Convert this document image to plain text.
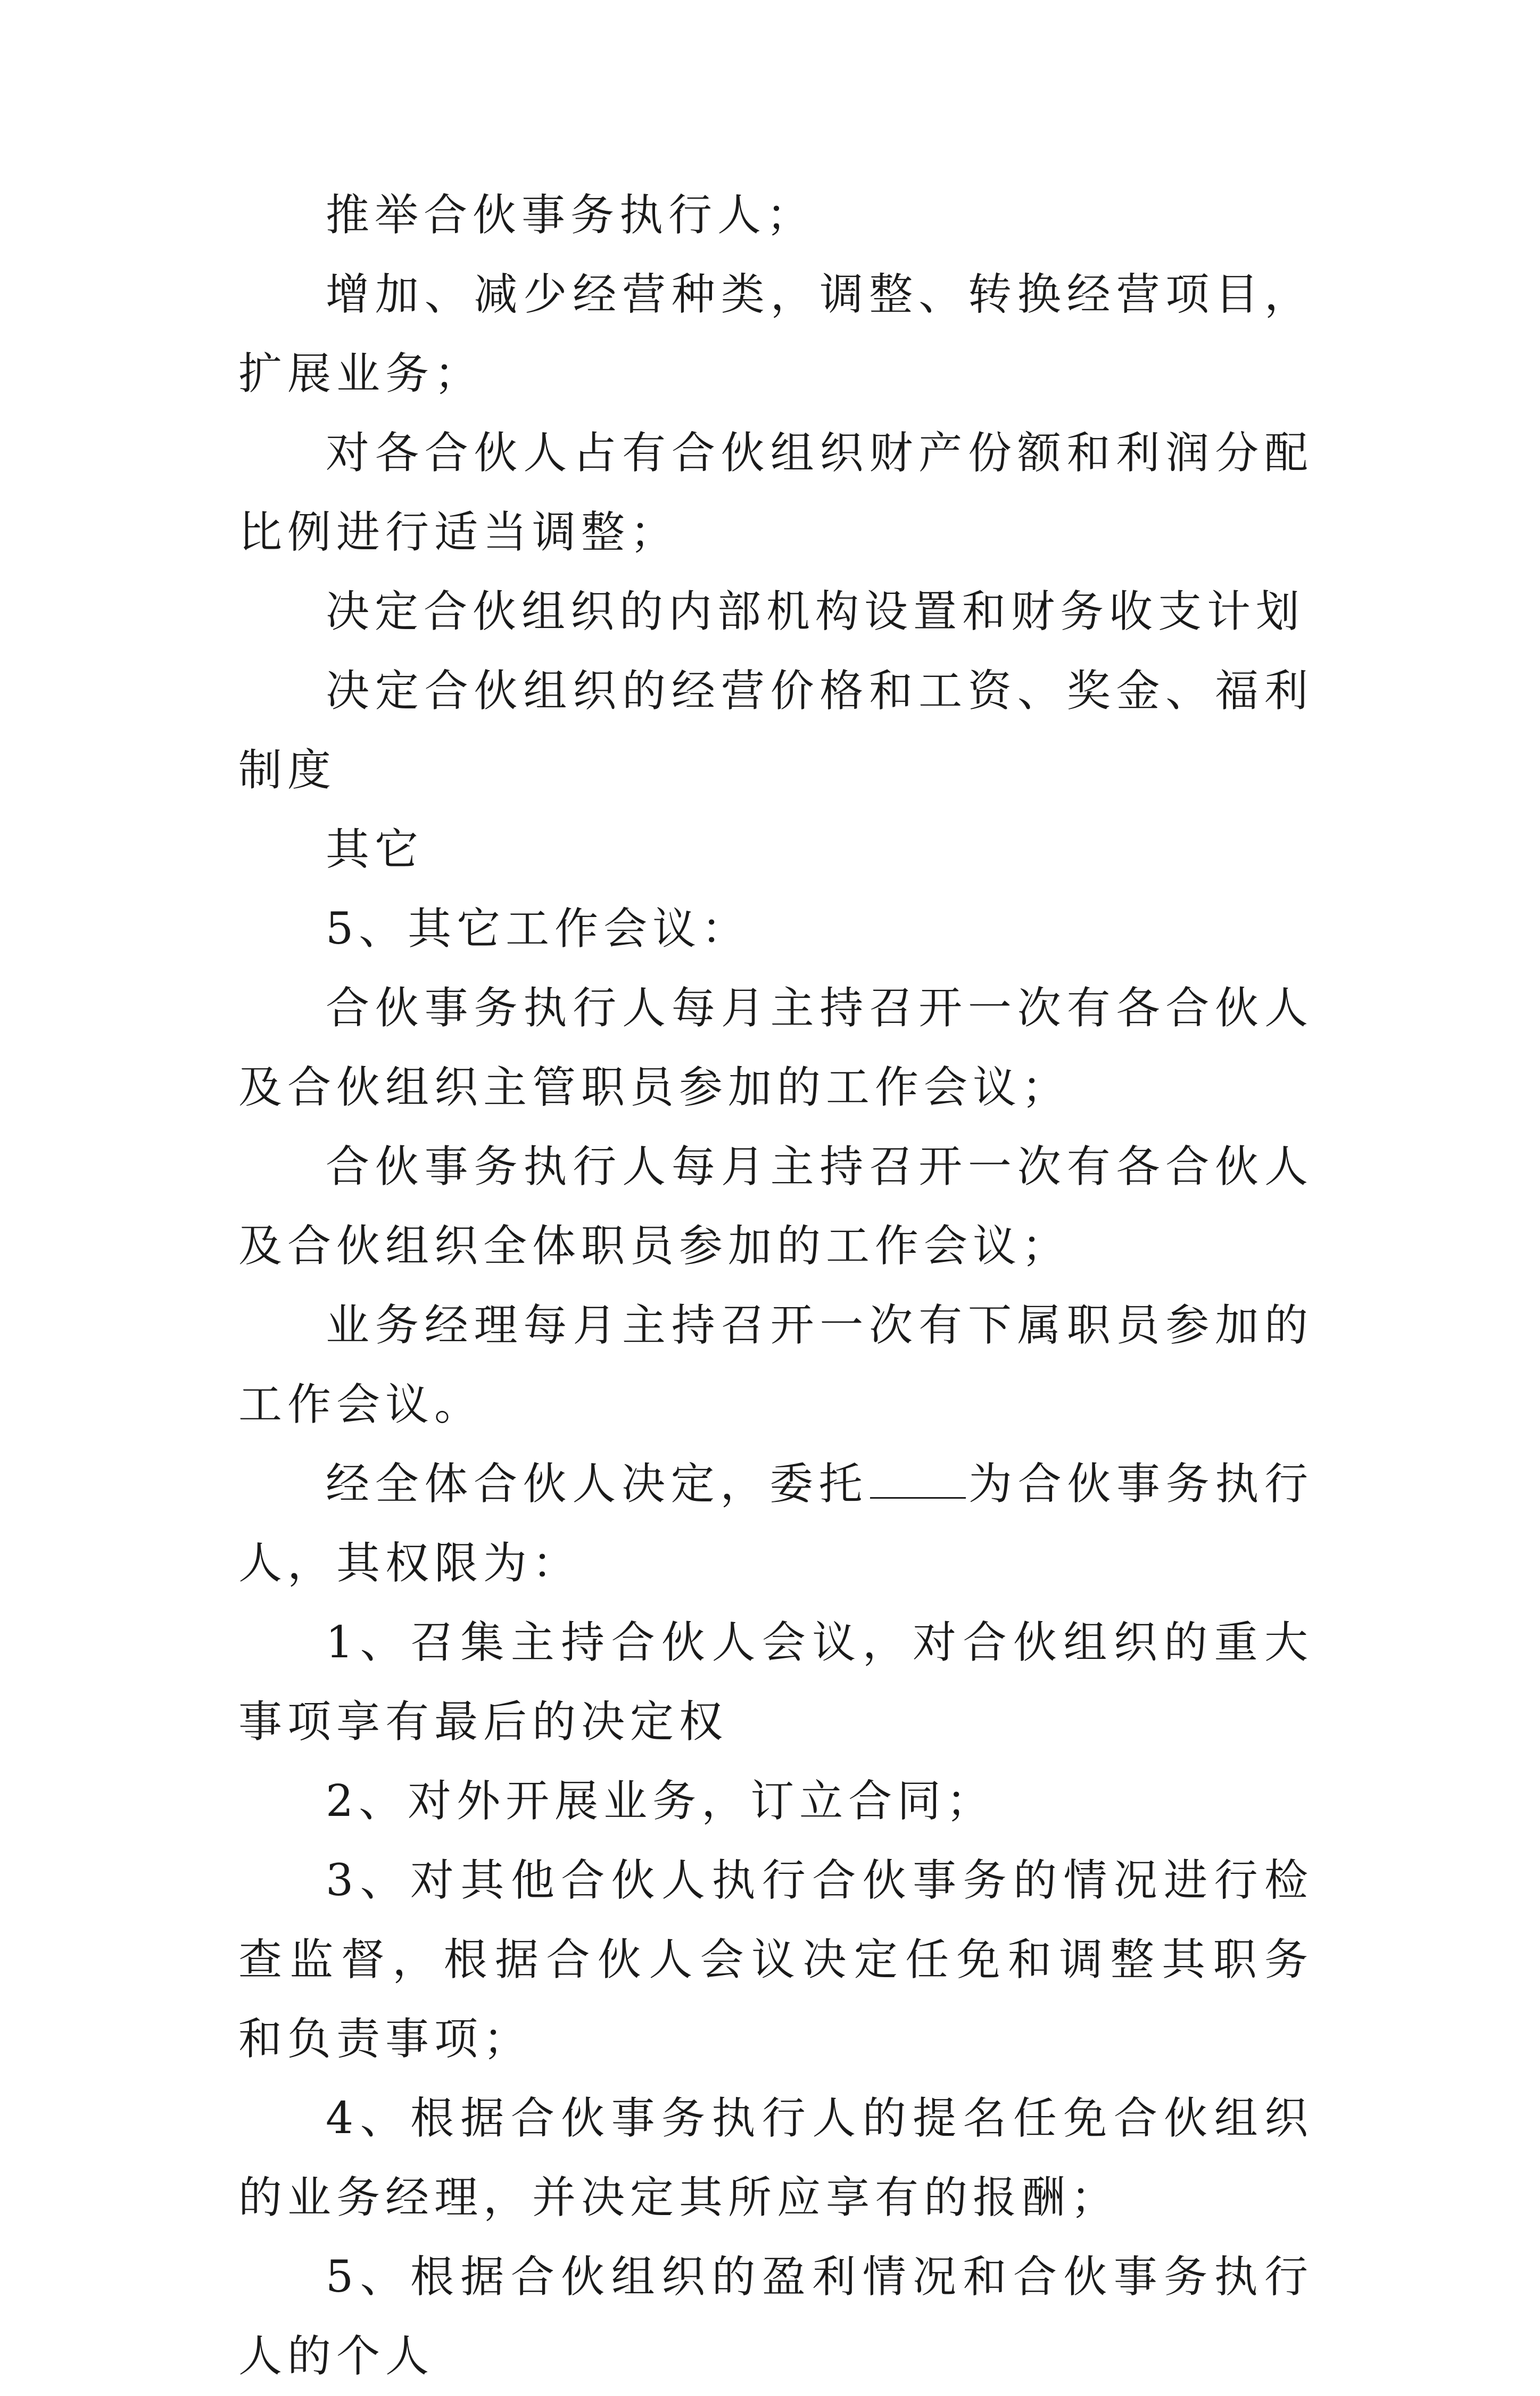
推举合伙事务执行人；

增加、减少经营种类，调整、转换经营项目，扩展业务；

对各合伙人占有合伙组织财产份额和利润分配比例进行适当调整；

决定合伙组织的内部机构设置和财务收支计划

决定合伙组织的经营价格和工资、奖金、福利制度

其它

5、其它工作会议：

合伙事务执行人每月主持召开一次有各合伙人及合伙组织主管职员参加的工作会议；

合伙事务执行人每月主持召开一次有各合伙人及合伙组织全体职员参加的工作会议；

业务经理每月主持召开一次有下属职员参加的工作会议。

经全体合伙人决定，委托 为合伙事务执行人，其权限为：

1、召集主持合伙人会议，对合伙组织的重大事项享有最后的决定权

2、对外开展业务，订立合同；

3、对其他合伙人执行合伙事务的情况进行检查监督，根据合伙人会议决定任免和调整其职务和负责事项；

4、根据合伙事务执行人的提名任免合伙组织的业务经理，并决定其所应享有的报酬；

5、根据合伙组织的盈利情况和合伙事务执行人的个人
